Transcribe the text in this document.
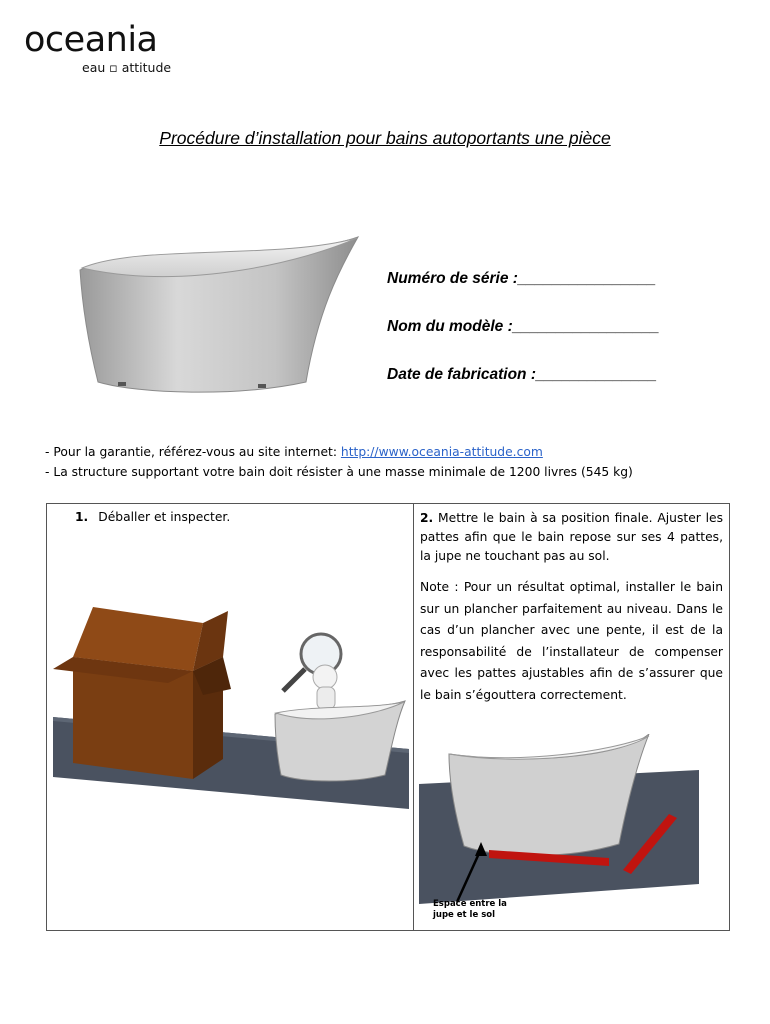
oceania
eau ▫ attitude
Procédure d’installation pour bains autoportants une pièce
Numéro de série :________________
Nom du modèle :_________________
Date de fabrication :______________
- Pour la garantie, référez-vous au site internet: http://www.oceania-attitude.com
- La structure supportant votre bain doit résister à une masse minimale de 1200 livres (545 kg)
1. Déballer et inspecter.	2. Mettre le bain à sa position finale. Ajuster les pattes afin que le bain repose sur ses 4 pattes, la jupe ne touchant pas au sol.

Note : Pour un résultat optimal, installer le bain sur un plancher parfaitement au niveau. Dans le cas d’un plancher avec une pente, il est de la responsabilité de l’installateur de compenser avec les pattes ajustables afin de s’assurer que le bain s’égouttera correctement.

Espace entre la
jupe et le sol
